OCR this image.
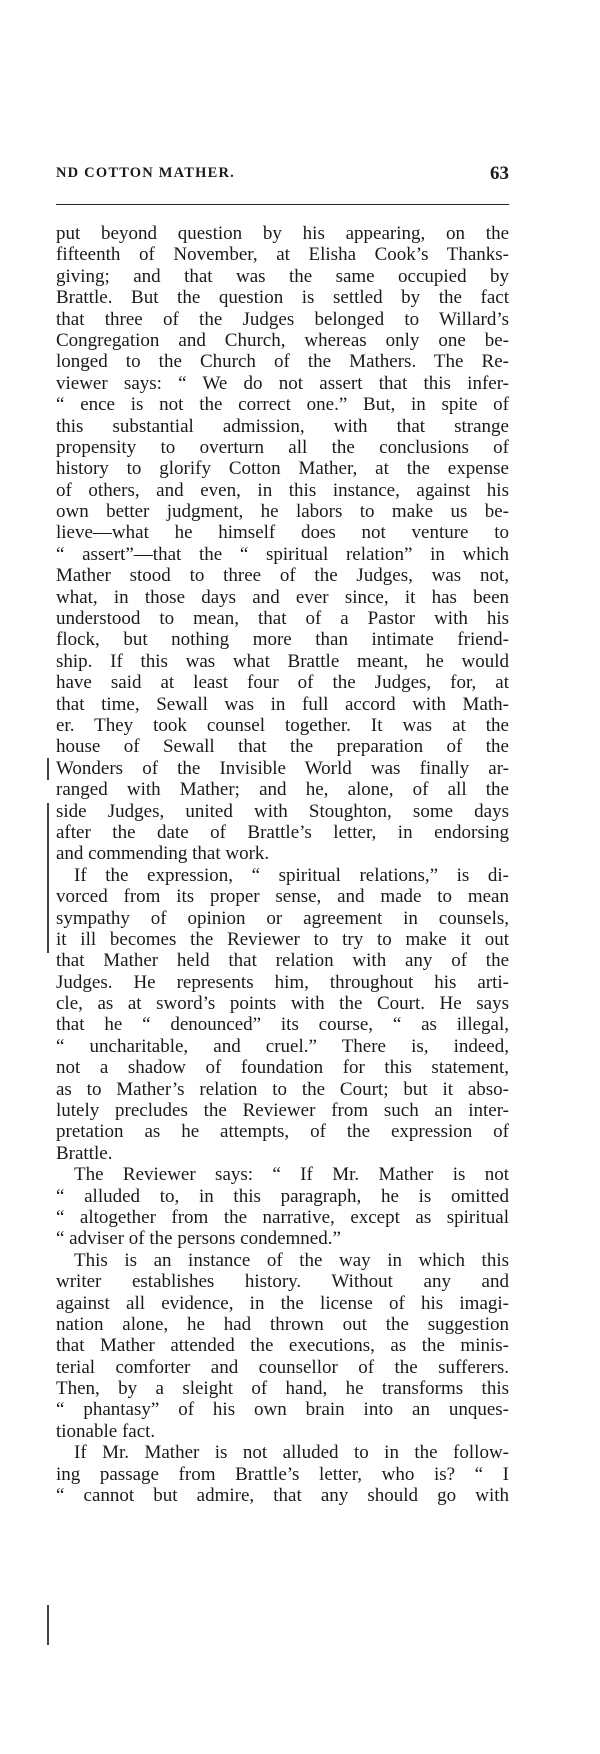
ND COTTON MATHER.	63
put beyond question by his appearing, on the
fifteenth of November, at Elisha Cook’s Thanks-
giving; and that was the same occupied by
Brattle. But the question is settled by the fact
that three of the Judges belonged to Willard’s
Congregation and Church, whereas only one be-
longed to the Church of the Mathers. The Re-
viewer says: “ We do not assert that this infer-
“ ence is not the correct one.” But, in spite of
this substantial admission, with that strange
propensity to overturn all the conclusions of
history to glorify Cotton Mather, at the expense
of others, and even, in this instance, against his
own better judgment, he labors to make us be-
lieve—what he himself does not venture to
“ assert”—that the “ spiritual relation” in which
Mather stood to three of the Judges, was not,
what, in those days and ever since, it has been
understood to mean, that of a Pastor with his
flock, but nothing more than intimate friend-
ship. If this was what Brattle meant, he would
have said at least four of the Judges, for, at
that time, Sewall was in full accord with Math-
er. They took counsel together. It was at the
house of Sewall that the preparation of the
Wonders of the Invisible World was finally ar-
ranged with Mather; and he, alone, of all the
side Judges, united with Stoughton, some days
after the date of Brattle’s letter, in endorsing
and commending that work.
If the expression, “ spiritual relations,” is di-
vorced from its proper sense, and made to mean
sympathy of opinion or agreement in counsels,
it ill becomes the Reviewer to try to make it out
that Mather held that relation with any of the
Judges. He represents him, throughout his arti-
cle, as at sword’s points with the Court. He says
that he “ denounced” its course, “ as illegal,
“ uncharitable, and cruel.” There is, indeed,
not a shadow of foundation for this statement,
as to Mather’s relation to the Court; but it abso-
lutely precludes the Reviewer from such an inter-
pretation as he attempts, of the expression of
Brattle.
The Reviewer says: “ If Mr. Mather is not
“ alluded to, in this paragraph, he is omitted
“ altogether from the narrative, except as spiritual
“ adviser of the persons condemned.”
This is an instance of the way in which this
writer establishes history. Without any and
against all evidence, in the license of his imagi-
nation alone, he had thrown out the suggestion
that Mather attended the executions, as the minis-
terial comforter and counsellor of the sufferers.
Then, by a sleight of hand, he transforms this
“ phantasy” of his own brain into an unques-
tionable fact.
If Mr. Mather is not alluded to in the follow-
ing passage from Brattle’s letter, who is? “ I
“ cannot but admire, that any should go with
